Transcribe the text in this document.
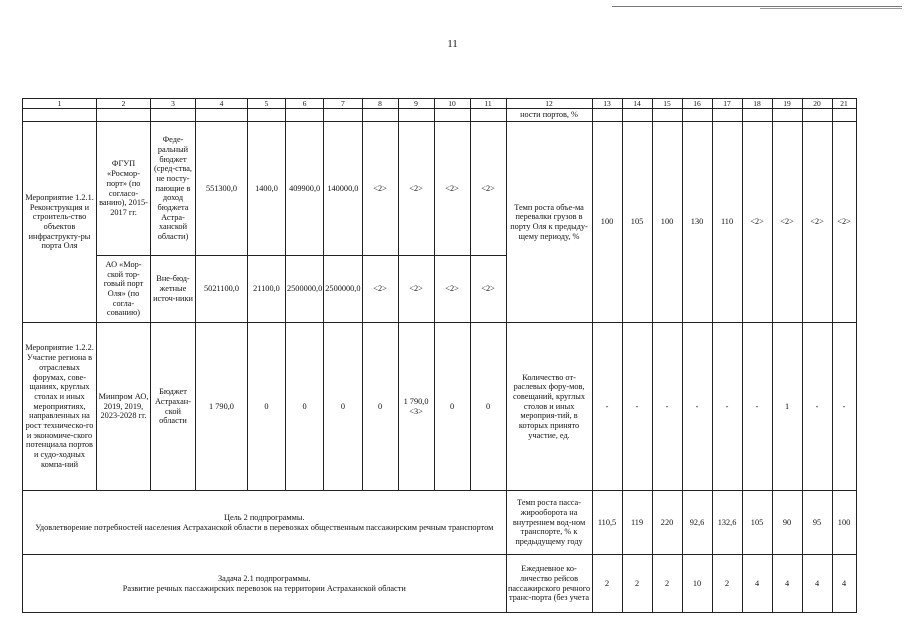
11
1	2	3	4	5	6	7	8	9	10	11	12	13	14	15	16	17	18	19	20	21
											ности портов, %									
Мероприятие 1.2.1. Реконструкция и строитель-ство объектов инфраструкту-ры порта Оля	ФГУП «Росмор-порт» (по согласо-ванию), 2015-2017 гг.	Феде-ральный бюджет (сред-ства, не посту-пающие в доход бюджета Астра-ханской области)	551300,0	1400,0	409900,0	140000,0	<2>	<2>	<2>	<2>	Темп роста объе-ма перевалки грузов в порту Оля к предыду-щему периоду, %	100	105	100	130	110	<2>	<2>	<2>	<2>
	АО «Мор-ской тор-говый порт Оля» (по согла-сованию)	Вне-бюд-жетные источ-ники	5021100,0	21100,0	2500000,0	2500000,0	<2>	<2>	<2>	<2>										
Мероприятие 1.2.2. Участие региона в отраслевых форумах, сове-щаниях, круглых столах и иных мероприятиях, направленных на рост техническо-го и экономиче-ского потенциала портов и судо-ходных компа-ний	Минпром АО, 2019, 2019, 2023-2028 гг.	Бюджет Астрахан-ской области	1 790,0	0	0	0	0	1 790,0 <3>	0	0	Количество от-раслевых фору-мов, совещаний, круглых столов и иных мероприя-тий, в которых принято участие, ед.	-	-	-	-	-	-	1	-	-

Цель 2 подпрограммы.
Удовлетворение потребностей населения Астраханской области в перевозках общественным пассажирским речным транспортом											Темп роста пасса-жирооборота на внутреннем вод-ном транспорте, % к предыдущему году	110,5	119	220	92,6	132,6	105	90	95	100

Задача 2.1 подпрограммы.
Развитие речных пассажирских перевозок на территории Астраханской области											Ежедневное ко-личество рейсов пассажирского речного транс-порта (без учета	2	2	2	10	2	4	4	4	4
